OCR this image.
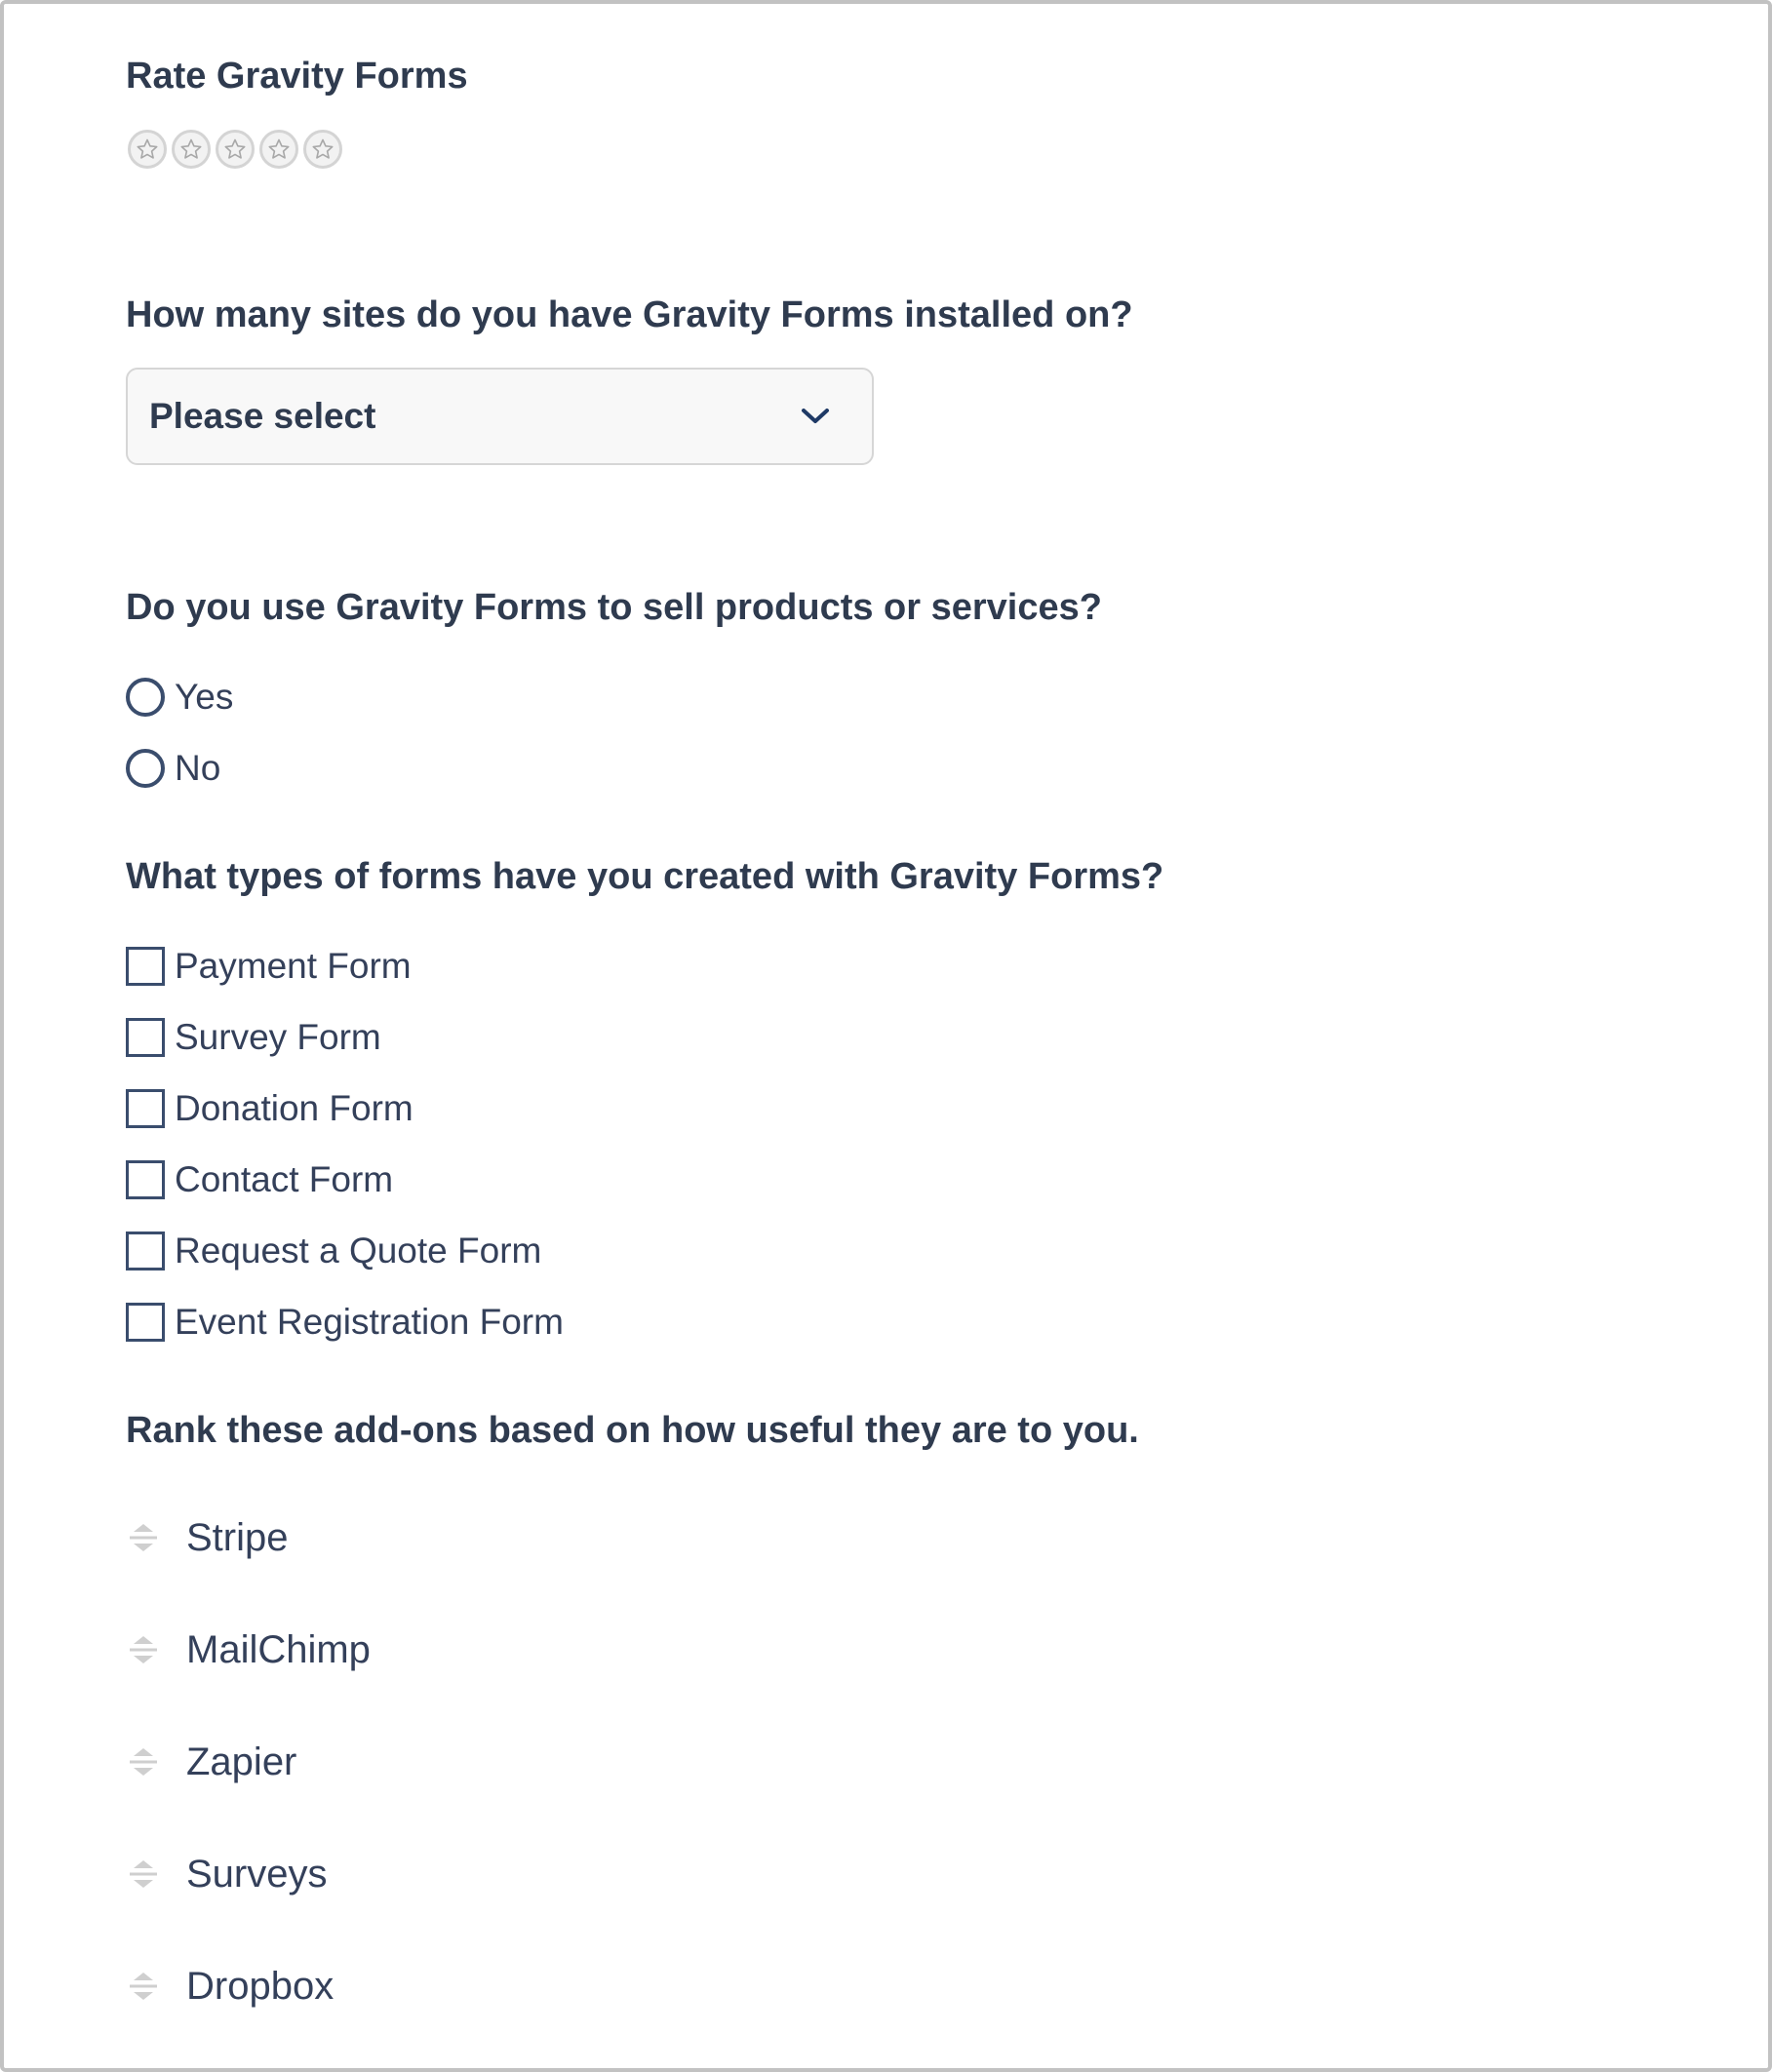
Rate Gravity Forms
How many sites do you have Gravity Forms installed on?
Please select
Do you use Gravity Forms to sell products or services?
Yes
No
What types of forms have you created with Gravity Forms?
Payment Form
Survey Form
Donation Form
Contact Form
Request a Quote Form
Event Registration Form
Rank these add-ons based on how useful they are to you.
Stripe
MailChimp
Zapier
Surveys
Dropbox
